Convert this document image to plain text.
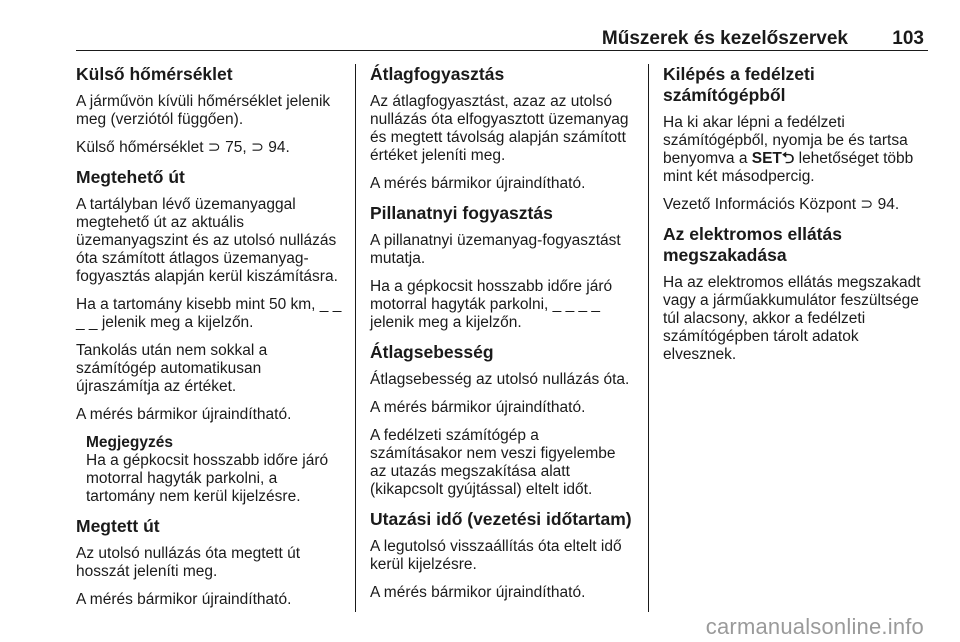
Műszerek és kezelőszervek 103
Külső hőmérséklet

A járművön kívüli hőmérséklet jelenik meg (verziótól függően).

Külső hőmérséklet ⊃ 75, ⊃ 94.

Megtehető út

A tartályban lévő üzemanyaggal megtehető út az aktuális üzemanyagszint és az utolsó nullázás óta számított átlagos üzemanyag-fogyasztás alapján kerül kiszámításra.

Ha a tartomány kisebb mint 50 km, _ _ _ _ jelenik meg a kijelzőn.

Tankolás után nem sokkal a számítógép automatikusan újraszámítja az értéket.

A mérés bármikor újraindítható.

Megjegyzés
Ha a gépkocsit hosszabb időre járó motorral hagyták parkolni, a tartomány nem kerül kijelzésre.
Megtett út

Az utolsó nullázás óta megtett út hosszát jeleníti meg.

A mérés bármikor újraindítható.

Átlagfogyasztás

Az átlagfogyasztást, azaz az utolsó nullázás óta elfogyasztott üzemanyag és megtett távolság alapján számított értéket jeleníti meg.

A mérés bármikor újraindítható.

Pillanatnyi fogyasztás

A pillanatnyi üzemanyag-fogyasztást mutatja.

Ha a gépkocsit hosszabb időre járó motorral hagyták parkolni, _ _ _ _ jelenik meg a kijelzőn.

Átlagsebesség

Átlagsebesség az utolsó nullázás óta.

A mérés bármikor újraindítható.

A fedélzeti számítógép a számításakor nem veszi figyelembe az utazás megszakítása alatt (kikapcsolt gyújtással) eltelt időt.

Utazási idő (vezetési időtartam)

A legutolsó visszaállítás óta eltelt idő kerül kijelzésre.

A mérés bármikor újraindítható.

Kilépés a fedélzeti számítógépből

Ha ki akar lépni a fedélzeti számítógépből, nyomja be és tartsa benyomva a SET⮌ lehetőséget több mint két másodpercig.

Vezető Információs Központ ⊃ 94.

Az elektromos ellátás megszakadása

Ha az elektromos ellátás megszakadt vagy a járműakkumulátor feszültsége túl alacsony, akkor a fedélzeti számítógépben tárolt adatok elvesznek.

carmanualsonline.info
